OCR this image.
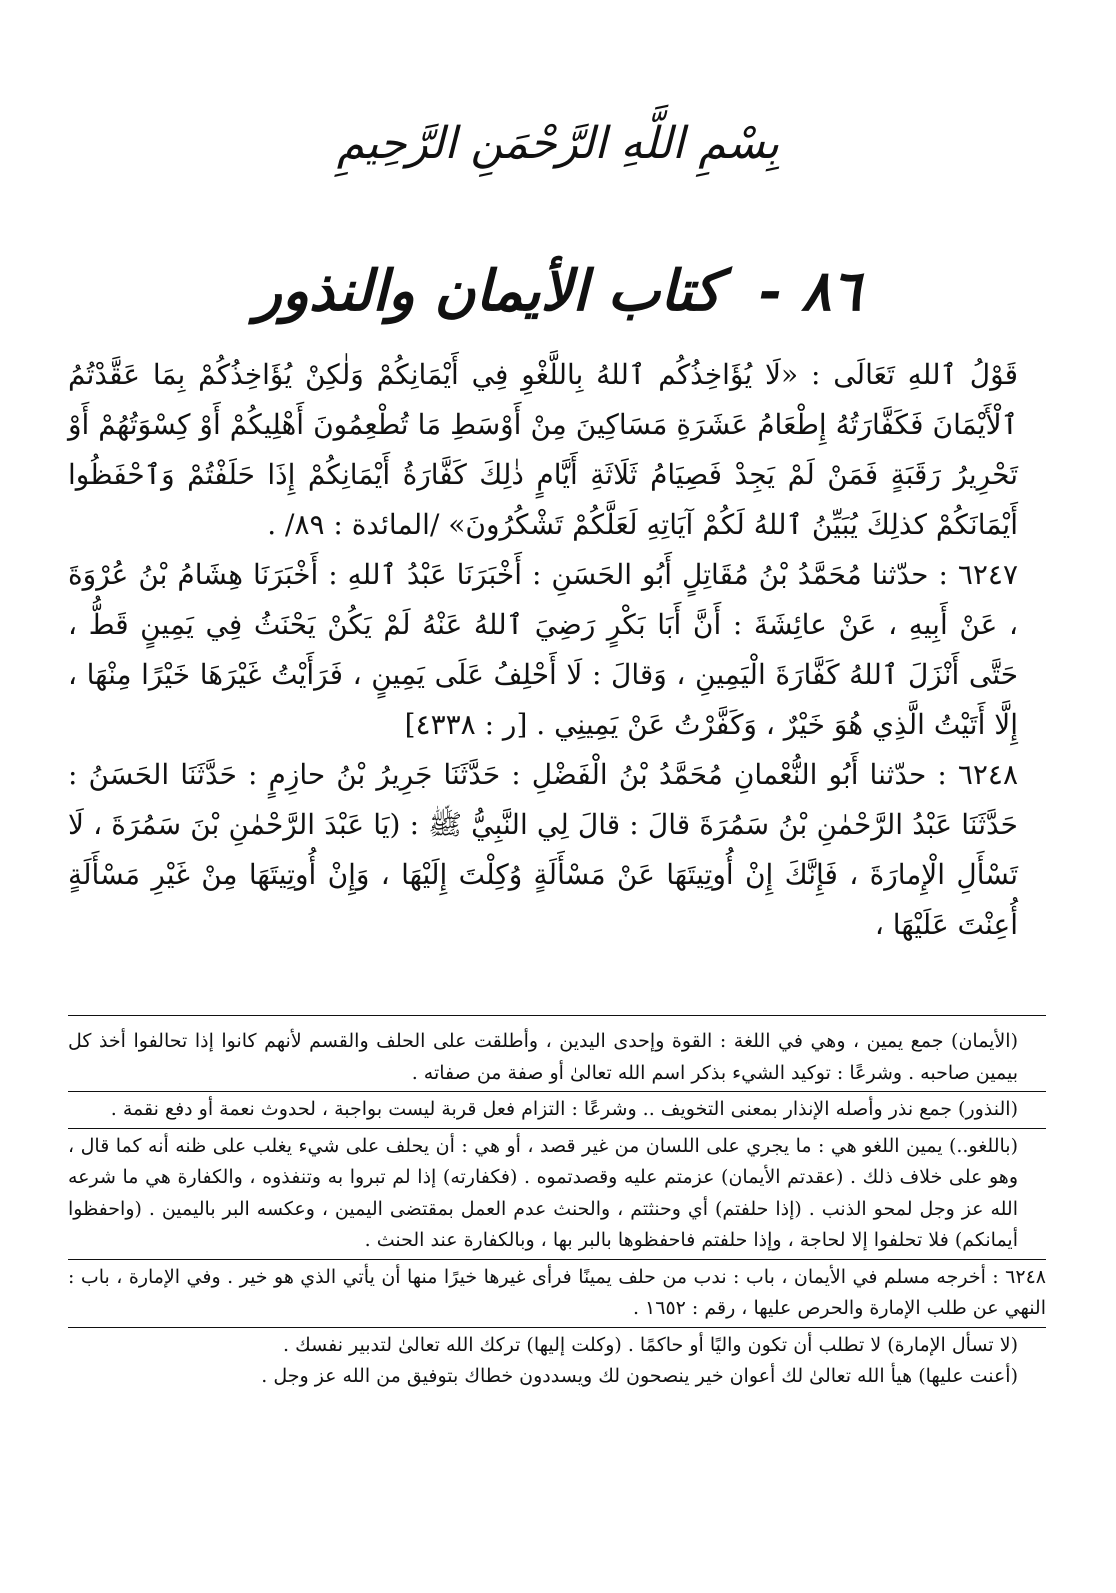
بِسْمِ اللَّهِ الرَّحْمَنِ الرَّحِيمِ
٨٦ - كتاب الأيمان والنذور

قَوْلُ ٱللهِ تَعَالَى : «لَا يُؤَاخِذُكُم ٱللهُ بِاللَّغْوِ فِي أَيْمَانِكُمْ وَلٰكِنْ يُؤَاخِذُكُمْ بِمَا عَقَّدْتُمُ ٱلْأَيْمَانَ فَكَفَّارَتُهُ إِطْعَامُ عَشَرَةِ مَسَاكِينَ مِنْ أَوْسَطِ مَا تُطْعِمُونَ أَهْلِيكُمْ أَوْ كِسْوَتُهُمْ أَوْ تَحْرِيرُ رَقَبَةٍ فَمَنْ لَمْ يَجِدْ فَصِيَامُ ثَلَاثَةِ أَيَّامٍ ذٰلِكَ كَفَّارَةُ أَيْمَانِكُمْ إِذَا حَلَفْتُمْ وَٱحْفَظُوا أَيْمَانَكُمْ كذلِكَ يُبَيِّنُ ٱللهُ لَكُمْ آيَاتِهِ لَعَلَّكُمْ تَشْكُرُونَ» /المائدة : ٨٩/ .

٦٢٤٧ : حدّثنا مُحَمَّدُ بْنُ مُقَاتِلٍ أَبُو الحَسَنِ : أَخْبَرَنَا عَبْدُ ٱللهِ : أَخْبَرَنَا هِشَامُ بْنُ عُرْوَةَ ، عَنْ أَبِيهِ ، عَنْ عائِشَةَ : أَنَّ أَبَا بَكْرٍ رَضِيَ ٱللهُ عَنْهُ لَمْ يَكُنْ يَحْنَثُ فِي يَمِينٍ قَطُّ ، حَتَّى أَنْزَلَ ٱللهُ كَفَّارَةَ الْيَمِينِ ، وَقالَ : لَا أَحْلِفُ عَلَى يَمِينٍ ، فَرَأَيْتُ غَيْرَهَا خَيْرًا مِنْهَا ، إِلَّا أَتَيْتُ الَّذِي هُوَ خَيْرٌ ، وَكَفَّرْتُ عَنْ يَمِينِي . [ر : ٤٣٣٨]

٦٢٤٨ : حدّثنا أَبُو النُّعْمانِ مُحَمَّدُ بْنُ الْفَضْلِ : حَدَّثَنَا جَرِيرُ بْنُ حازِمٍ : حَدَّثَنَا الحَسَنُ : حَدَّثَنَا عَبْدُ الرَّحْمٰنِ بْنُ سَمُرَةَ قالَ : قالَ لِي النَّبِيُّ ﷺ : (يَا عَبْدَ الرَّحْمٰنِ بْنَ سَمُرَةَ ، لَا تَسْأَلِ الْإِمارَةَ ، فَإِنَّكَ إِنْ أُوتِيتَهَا عَنْ مَسْأَلَةٍ وُكِلْتَ إِلَيْهَا ، وَإِنْ أُوتِيتَهَا مِنْ غَيْرِ مَسْأَلَةٍ أُعِنْتَ عَلَيْهَا ،

(الأيمان) جمع يمين ، وهي في اللغة : القوة وإحدى اليدين ، وأطلقت على الحلف والقسم لأنهم كانوا إذا تحالفوا أخذ كل بيمين صاحبه . وشرعًا : توكيد الشيء بذكر اسم الله تعالىٰ أو صفة من صفاته .

(النذور) جمع نذر وأصله الإنذار بمعنى التخويف .. وشرعًا : التزام فعل قربة ليست بواجبة ، لحدوث نعمة أو دفع نقمة .

(باللغو..) يمين اللغو هي : ما يجري على اللسان من غير قصد ، أو هي : أن يحلف على شيء يغلب على ظنه أنه كما قال ، وهو على خلاف ذلك . (عقدتم الأيمان) عزمتم عليه وقصدتموه . (فكفارته) إذا لم تبروا به وتنفذوه ، والكفارة هي ما شرعه الله عز وجل لمحو الذنب . (إذا حلفتم) أي وحنثتم ، والحنث عدم العمل بمقتضى اليمين ، وعكسه البر باليمين . (واحفظوا أيمانكم) فلا تحلفوا إلا لحاجة ، وإذا حلفتم فاحفظوها بالبر بها ، وبالكفارة عند الحنث .

٦٢٤٨ : أخرجه مسلم في الأيمان ، باب : ندب من حلف يمينًا فرأى غيرها خيرًا منها أن يأتي الذي هو خير . وفي الإمارة ، باب : النهي عن طلب الإمارة والحرص عليها ، رقم : ١٦٥٢ .

(لا تسأل الإمارة) لا تطلب أن تكون واليًا أو حاكمًا . (وكلت إليها) تركك الله تعالىٰ لتدبير نفسك .

(أعنت عليها) هيأ الله تعالىٰ لك أعوان خير ينصحون لك ويسددون خطاك بتوفيق من الله عز وجل .
